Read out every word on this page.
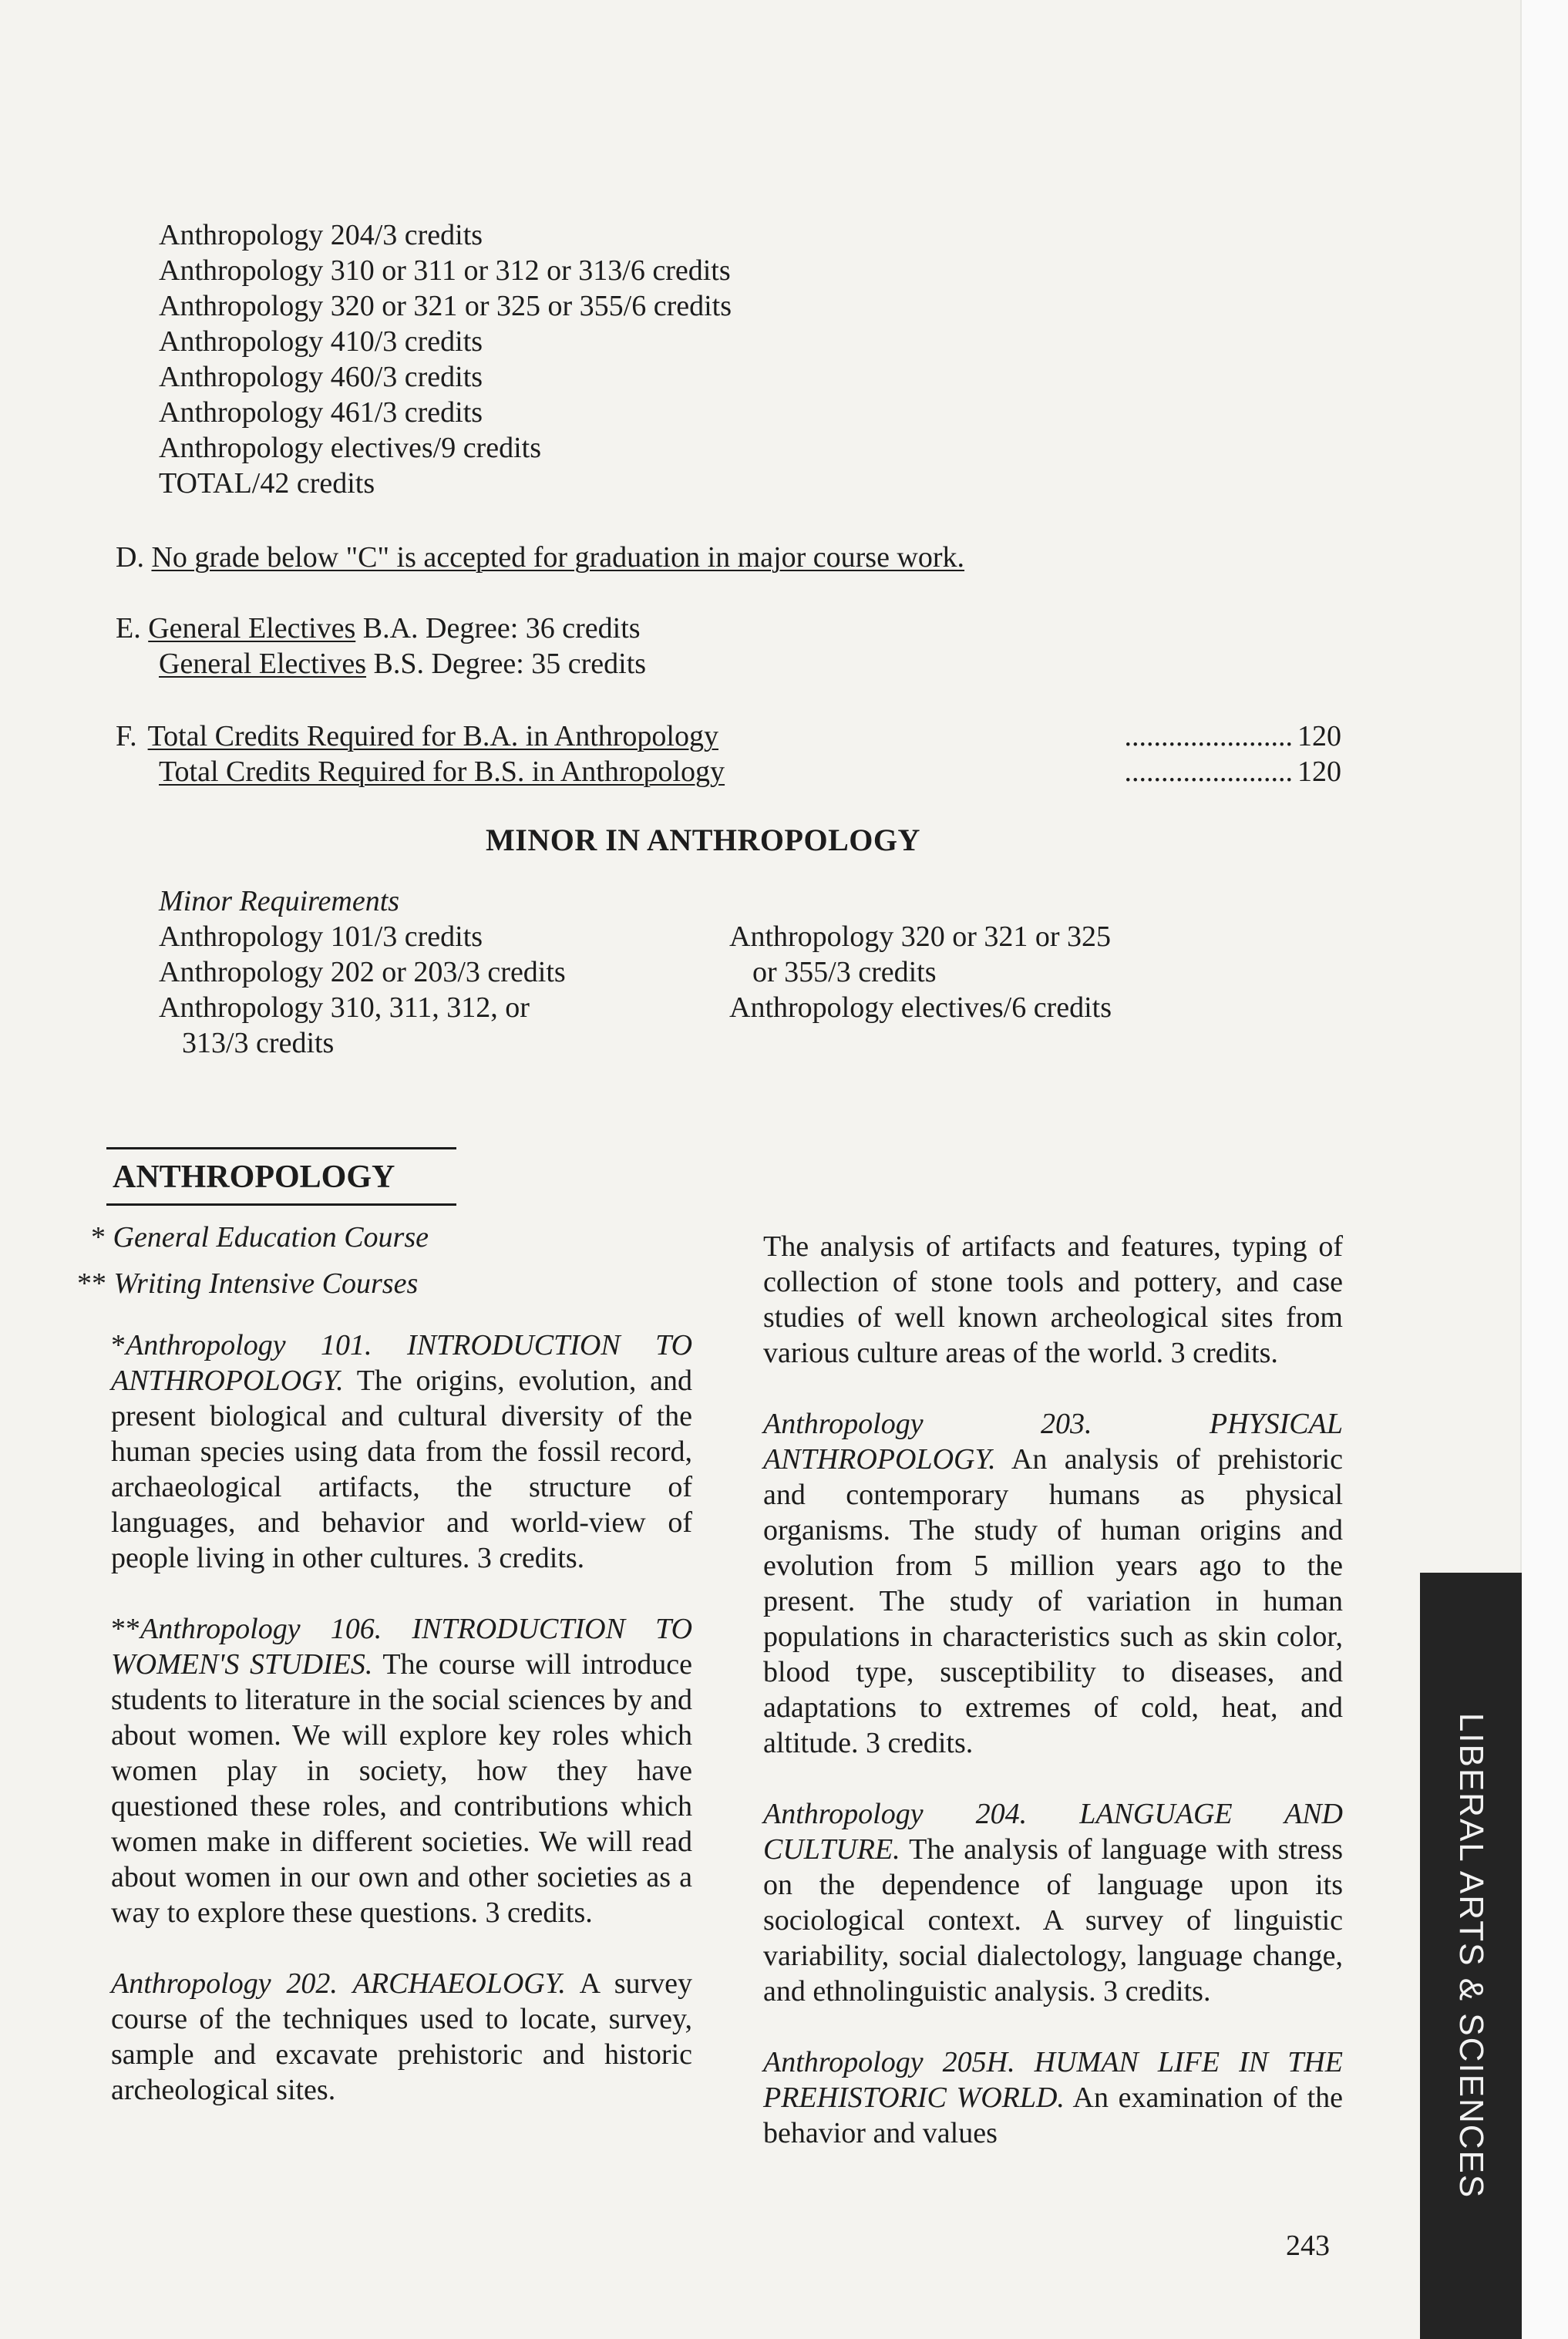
Anthropology 204/3 credits
Anthropology 310 or 311 or 312 or 313/6 credits
Anthropology 320 or 321 or 325 or 355/6 credits
Anthropology 410/3 credits
Anthropology 460/3 credits
Anthropology 461/3 credits
Anthropology electives/9 credits
TOTAL/42 credits
D. No grade below "C" is accepted for graduation in major course work.
E. General Electives B.A. Degree: 36 credits
General Electives B.S. Degree: 35 credits
F. Total Credits Required for B.A. in Anthropology	....................... 120
Total Credits Required for B.S. in Anthropology	....................... 120
MINOR IN ANTHROPOLOGY
Minor Requirements
Anthropology 101/3 credits
Anthropology 202 or 203/3 credits
Anthropology 310, 311, 312, or
313/3 credits
Anthropology 320 or 321 or 325
or 355/3 credits
Anthropology electives/6 credits
ANTHROPOLOGY
* General Education Course
** Writing Intensive Courses

*Anthropology 101. INTRODUCTION TO ANTHROPOLOGY. The origins, evolution, and present biological and cultural diversity of the human species using data from the fossil record, archaeological artifacts, the structure of languages, and behavior and world-view of people living in other cultures. 3 credits.

**Anthropology 106. INTRODUCTION TO WOMEN'S STUDIES. The course will introduce students to literature in the social sciences by and about women. We will explore key roles which women play in society, how they have questioned these roles, and contributions which women make in different societies. We will read about women in our own and other societies as a way to explore these questions. 3 credits.

Anthropology 202. ARCHAEOLOGY. A survey course of the techniques used to locate, survey, sample and excavate prehistoric and historic archeological sites.

The analysis of artifacts and features, typing of collection of stone tools and pottery, and case studies of well known archeological sites from various culture areas of the world. 3 credits.

Anthropology 203.	PHYSICAL ANTHROPOLOGY. An analysis of prehistoric and contemporary humans as physical organisms. The study of human origins and evolution from 5 million years ago to the present. The study of variation in human populations in characteristics such as skin color, blood type, susceptibility to diseases, and adaptations to extremes of cold, heat, and altitude. 3 credits.

Anthropology 204. LANGUAGE AND CULTURE. The analysis of language with stress on the dependence of language upon its sociological context. A survey of linguistic variability, social dialectology, language change, and ethnolinguistic analysis. 3 credits.

Anthropology 205H. HUMAN LIFE IN THE PREHISTORIC WORLD. An examination of the behavior and values

243
LIBERAL ARTS & SCIENCES
